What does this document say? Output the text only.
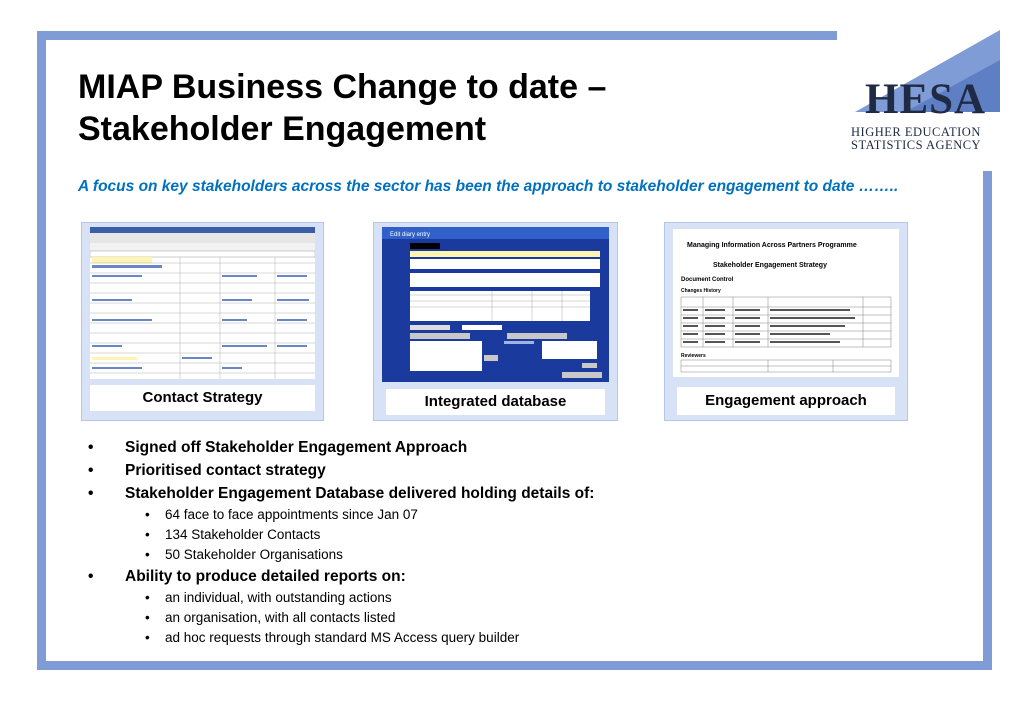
HESA
HIGHER EDUCATION
STATISTICS AGENCY
MIAP Business Change to date –
Stakeholder Engagement
A focus on key stakeholders across the sector has been the approach to stakeholder engagement to date ……..
Contact Strategy
Edit diary entry
Integrated database
Managing Information Across Partners Programme
Stakeholder Engagement Strategy
Document Control
Changes History
Reviewers
Engagement approach
• Signed off Stakeholder Engagement Approach
• Prioritised contact strategy
• Stakeholder Engagement Database delivered holding details of:
• 64 face to face appointments since Jan 07
• 134 Stakeholder Contacts
• 50 Stakeholder Organisations
• Ability to produce detailed reports on:
• an individual, with outstanding actions
• an organisation, with all contacts listed
• ad hoc requests through standard MS Access query builder
